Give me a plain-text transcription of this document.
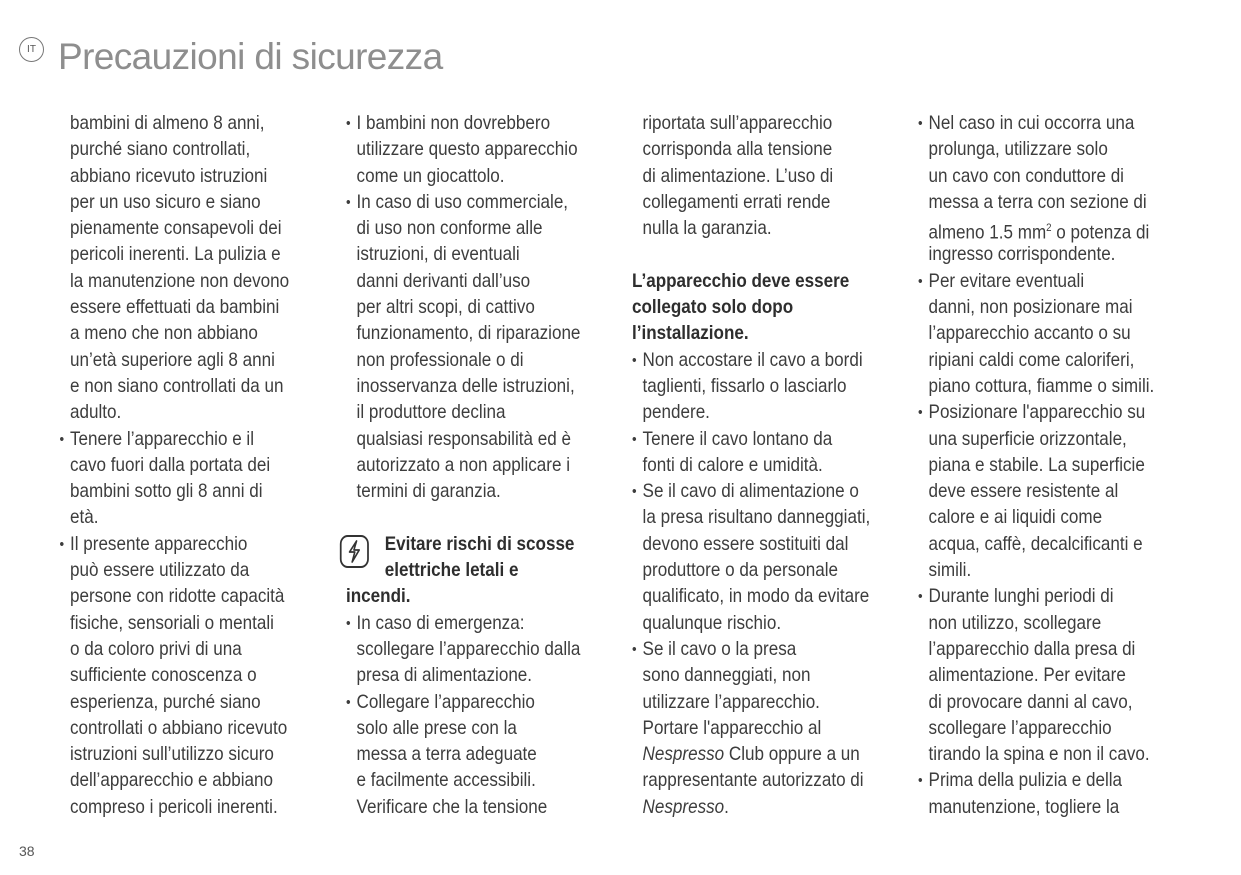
IT Precauzioni di sicurezza
bambini di almeno 8 anni,
purché siano controllati,
abbiano ricevuto istruzioni
per un uso sicuro e siano
pienamente consapevoli dei
pericoli inerenti. La pulizia e
la manutenzione non devono
essere effettuati da bambini
a meno che non abbiano
un’età superiore agli 8 anni
e non siano controllati da un
adulto.
• Tenere l’apparecchio e il
cavo fuori dalla portata dei
bambini sotto gli 8 anni di
età.
• Il presente apparecchio
può essere utilizzato da
persone con ridotte capacità
fisiche, sensoriali o mentali
o da coloro privi di una
sufficiente conoscenza o
esperienza, purché siano
controllati o abbiano ricevuto
istruzioni sull’utilizzo sicuro
dell’apparecchio e abbiano
compreso i pericoli inerenti.
• I bambini non dovrebbero
utilizzare questo apparecchio
come un giocattolo.
• In caso di uso commerciale,
di uso non conforme alle
istruzioni, di eventuali
danni derivanti dall’uso
per altri scopi, di cattivo
funzionamento, di riparazione
non professionale o di
inosservanza delle istruzioni,
il produttore declina
qualsiasi responsabilità ed è
autorizzato a non applicare i
termini di garanzia.
Evitare rischi di scosse
elettriche letali e
incendi.
• In caso di emergenza:
scollegare l’apparecchio dalla
presa di alimentazione.
• Collegare l’apparecchio
solo alle prese con la
messa a terra adeguate
e facilmente accessibili.
Verificare che la tensione
riportata sull’apparecchio
corrisponda alla tensione
di alimentazione. L’uso di
collegamenti errati rende
nulla la garanzia.
L’apparecchio deve essere
collegato solo dopo
l’installazione.
• Non accostare il cavo a bordi
taglienti, fissarlo o lasciarlo
pendere.
• Tenere il cavo lontano da
fonti di calore e umidità.
• Se il cavo di alimentazione o
la presa risultano danneggiati,
devono essere sostituiti dal
produttore o da personale
qualificato, in modo da evitare
qualunque rischio.
• Se il cavo o la presa
sono danneggiati, non
utilizzare l’apparecchio.
Portare l'apparecchio al
Nespresso Club oppure a un
rappresentante autorizzato di
Nespresso.
• Nel caso in cui occorra una
prolunga, utilizzare solo
un cavo con conduttore di
messa a terra con sezione di
almeno 1.5 $mm^2$ o potenza di
ingresso corrispondente.
• Per evitare eventuali
danni, non posizionare mai
l’apparecchio accanto o su
ripiani caldi come caloriferi,
piano cottura, fiamme o simili.
• Posizionare l'apparecchio su
una superficie orizzontale,
piana e stabile. La superficie
deve essere resistente al
calore e ai liquidi come
acqua, caffè, decalcificanti e
simili.
• Durante lunghi periodi di
non utilizzo, scollegare
l’apparecchio dalla presa di
alimentazione. Per evitare
di provocare danni al cavo,
scollegare l’apparecchio
tirando la spina e non il cavo.
• Prima della pulizia e della
manutenzione, togliere la
38
